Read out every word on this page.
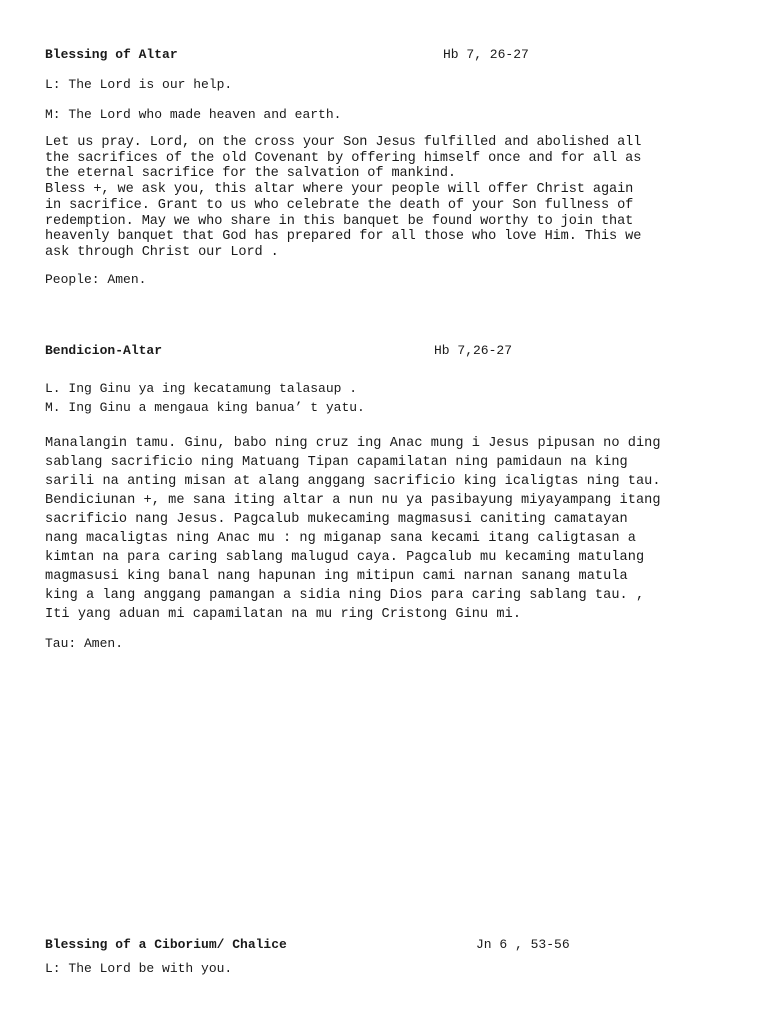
Blessing of Altar	Hb 7, 26-27

L: The Lord is our help.

M: The Lord who made heaven and earth.

Let us pray. Lord, on the cross your Son Jesus fulfilled and abolished all
the sacrifices of the old Covenant by offering himself once and for all as
the eternal sacrifice for the salvation of mankind.
Bless +, we ask you, this altar where your people will offer Christ again
in sacrifice. Grant to us who celebrate the death of your Son fullness of
redemption. May we who share in this banquet be found worthy to join that
heavenly banquet that God has prepared for all those who love Him. This we
ask through Christ our Lord .

People: Amen.

Bendicion-Altar	Hb 7,26-27

L. Ing Ginu ya ing kecatamung talasaup .

M. Ing Ginu a mengaua king banua’ t yatu.

Manalangin tamu. Ginu, babo ning cruz ing Anac mung i Jesus pipusan no ding
sablang sacrificio ning Matuang Tipan capamilatan ning pamidaun na king
sarili na anting misan at alang anggang sacrificio king icaligtas ning tau.
Bendiciunan +, me sana iting altar a nun nu ya pasibayung miyayampang itang
sacrificio nang Jesus. Pagcalub mukecaming magmasusi caniting camatayan
nang macaligtas ning Anac mu : ng miganap sana kecami itang caligtasan a
kimtan na para caring sablang malugud caya. Pagcalub mu kecaming matulang
magmasusi king banal nang hapunan ing mitipun cami narnan sanang matula
king a lang anggang pamangan a sidia ning Dios para caring sablang tau. ,
Iti yang aduan mi capamilatan na mu ring Cristong Ginu mi.

Tau: Amen.

Blessing of a Ciborium/ Chalice	Jn 6 , 53-56

L: The Lord be with you.
